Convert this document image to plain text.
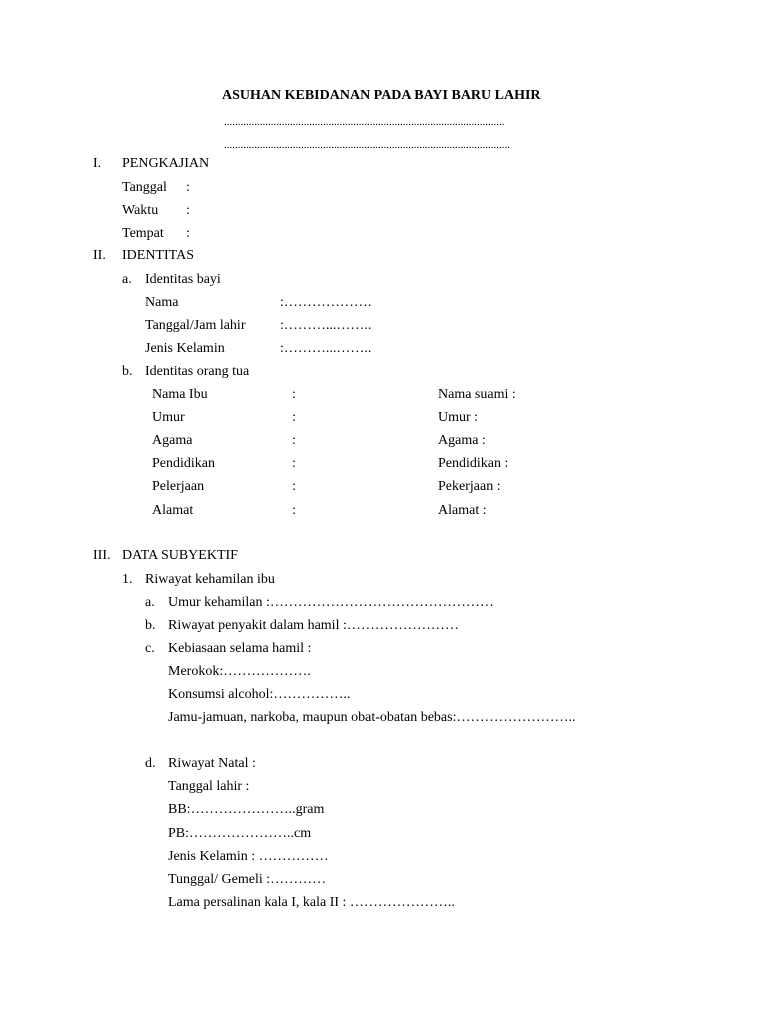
ASUHAN KEBIDANAN PADA BAYI BARU LAHIR
......................................................................................................
........................................................................................................
I. PENGKAJIAN
Tanggal :
Waktu :
Tempat :
II. IDENTITAS
a. Identitas bayi
Nama	:……………….
Tanggal/Jam lahir :………...……..
Jenis Kelamin	:………...……..
b. Identitas orang tua
Nama Ibu	:	Nama suami :
Umur	:	Umur :
Agama	:	Agama :
Pendidikan	:	Pendidikan :
Pelerjaan	:	Pekerjaan :
Alamat	:	Alamat :
III. DATA SUBYEKTIF
1. Riwayat kehamilan ibu
a. Umur kehamilan :…………………………………………
b. Riwayat penyakit dalam hamil :……………………
c. Kebiasaan selama hamil :
Merokok:……………….
Konsumsi alcohol:……………..
Jamu-jamuan, narkoba, maupun obat-obatan bebas:……………………..
d. Riwayat Natal :
Tanggal lahir :
BB:…………………..gram
PB:…………………..cm
Jenis Kelamin : ……………
Tunggal/ Gemeli :…………
Lama persalinan kala I, kala II : …………………..
